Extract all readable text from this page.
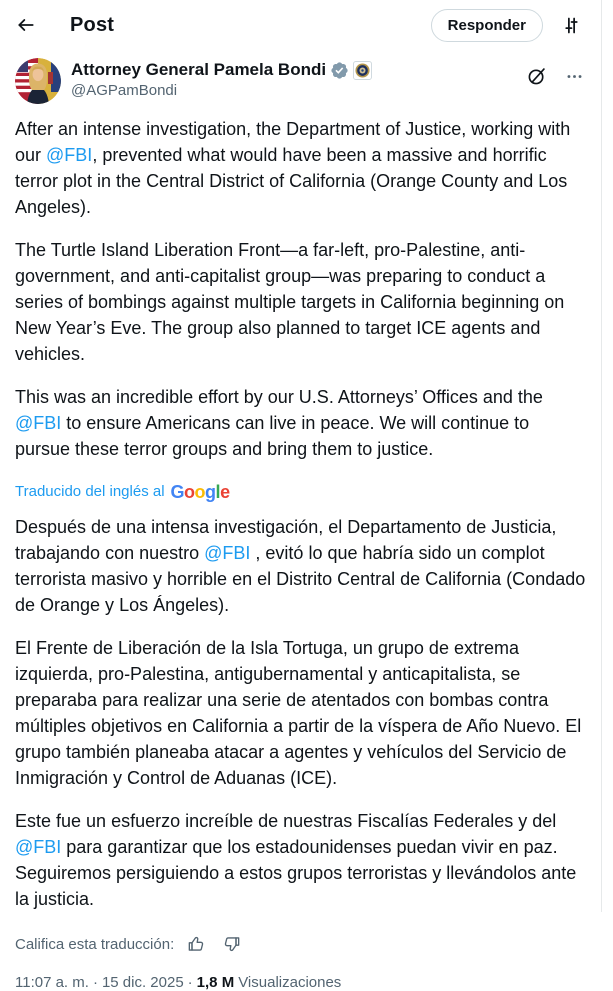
Post	Responder
Attorney General Pamela Bondi
@AGPamBondi

After an intense investigation, the Department of Justice, working with our @FBI, prevented what would have been a massive and horrific terror plot in the Central District of California (Orange County and Los Angeles).

The Turtle Island Liberation Front—a far-left, pro-Palestine, anti-government, and anti-capitalist group—was preparing to conduct a series of bombings against multiple targets in California beginning on New Year’s Eve. The group also planned to target ICE agents and vehicles.

This was an incredible effort by our U.S. Attorneys’ Offices and the @FBI to ensure Americans can live in peace. We will continue to pursue these terror groups and bring them to justice.

Traducido del inglés al Google

Después de una intensa investigación, el Departamento de Justicia, trabajando con nuestro @FBI , evitó lo que habría sido un complot terrorista masivo y horrible en el Distrito Central de California (Condado de Orange y Los Ángeles).

El Frente de Liberación de la Isla Tortuga, un grupo de extrema izquierda, pro-Palestina, antigubernamental y anticapitalista, se preparaba para realizar una serie de atentados con bombas contra múltiples objetivos en California a partir de la víspera de Año Nuevo. El grupo también planeaba atacar a agentes y vehículos del Servicio de Inmigración y Control de Aduanas (ICE).

Este fue un esfuerzo increíble de nuestras Fiscalías Federales y del @FBI para garantizar que los estadounidenses puedan vivir en paz. Seguiremos persiguiendo a estos grupos terroristas y llevándolos ante la justicia.

Califica esta traducción:
11:07 a. m. · 15 dic. 2025 · 1,8 M Visualizaciones
